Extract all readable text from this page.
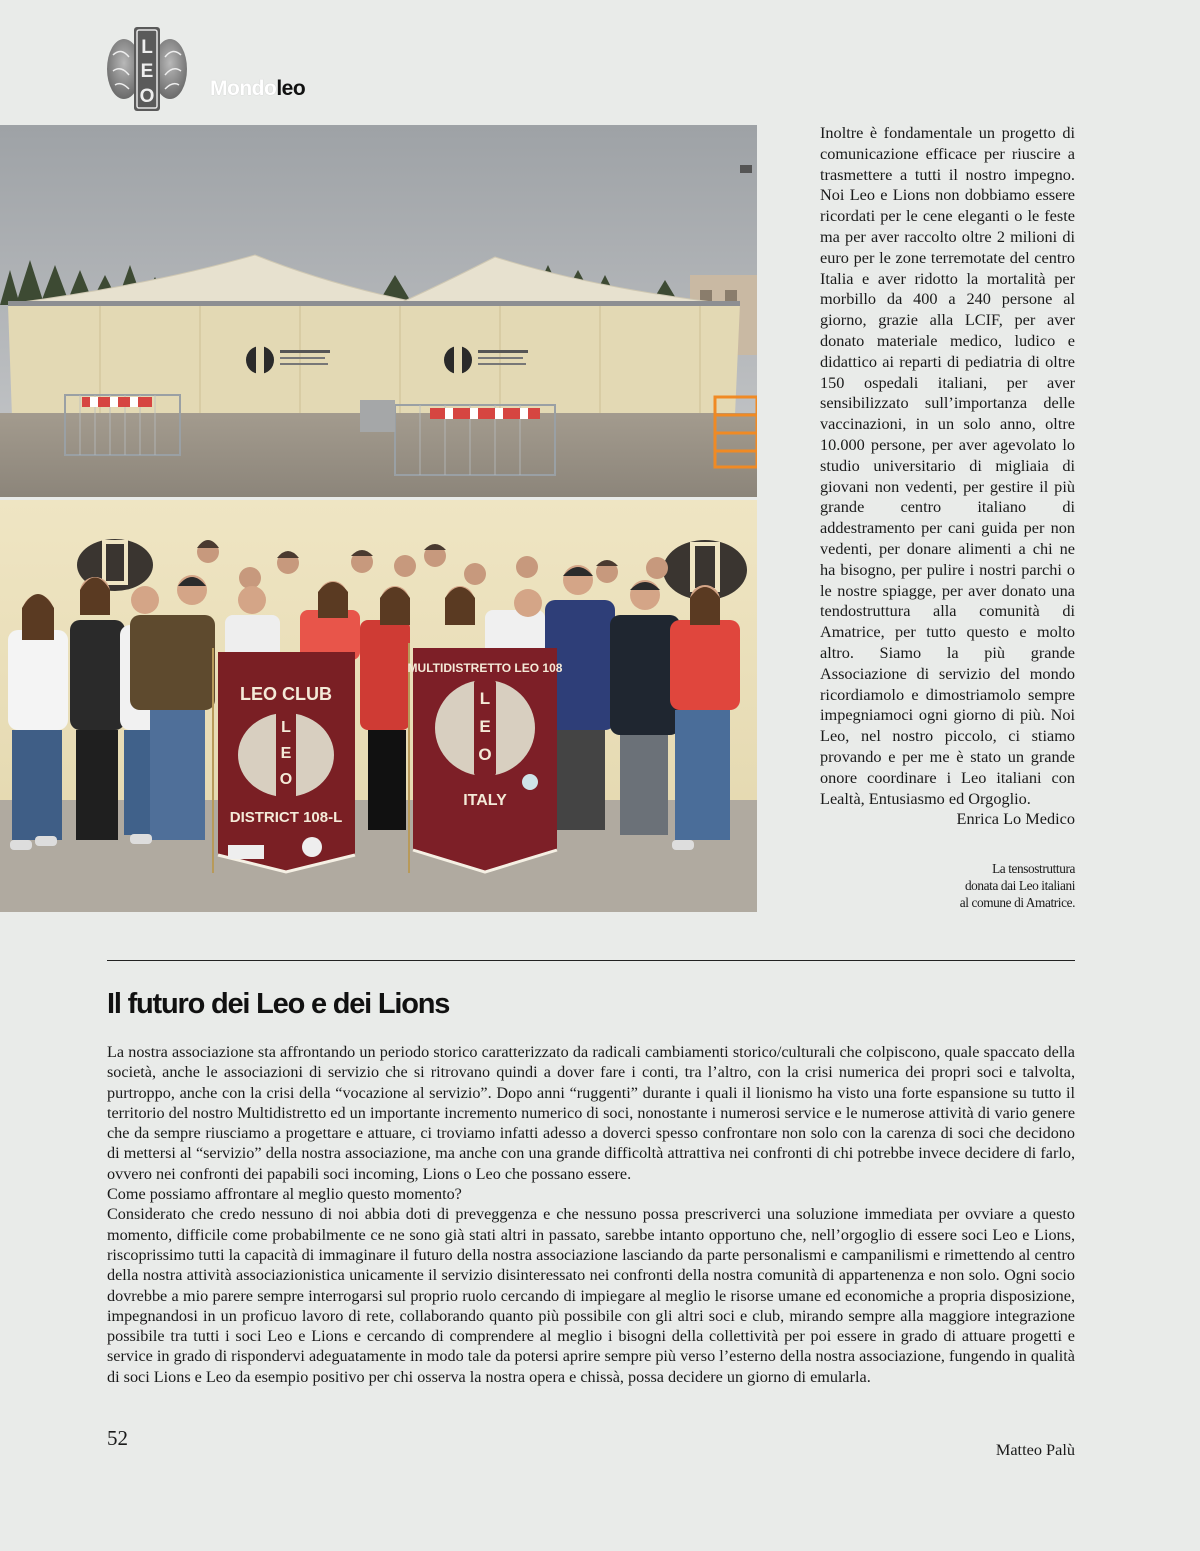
L
E
O	Mondoleo
LEO CLUB
L
E
O
DISTRICT 108-L
MULTIDISTRETTO LEO 108
L
E
O
ITALY
Inoltre è fondamentale un progetto di comunicazione efficace per riuscire a trasmettere a tutti il nostro impegno. Noi Leo e Lions non dobbiamo essere ricordati per le cene eleganti o le feste ma per aver raccolto oltre 2 milioni di euro per le zone terremotate del centro Italia e aver ridotto la mortalità per morbillo da 400 a 240 persone al giorno, grazie alla LCIF, per aver donato materiale medico, ludico e didattico ai reparti di pediatria di oltre 150 ospedali italiani, per aver sensibilizzato sull’importanza delle vaccinazioni, in un solo anno, oltre 10.000 persone, per aver agevolato lo studio universitario di migliaia di giovani non vedenti, per gestire il più grande centro italiano di addestramento per cani guida per non vedenti, per donare alimenti a chi ne ha bisogno, per pulire i nostri parchi o le nostre spiagge, per aver donato una tendostruttura alla comunità di Amatrice, per tutto questo e molto altro. Siamo la più grande Associazione di servizio del mondo ricordiamolo e dimostriamolo sempre impegniamoci ogni giorno di più. Noi Leo, nel nostro piccolo, ci stiamo provando e per me è stato un grande onore coordinare i Leo italiani con Lealtà, Entusiasmo ed Orgoglio.
Enrica Lo Medico
La tensostruttura
donata dai Leo italiani
al comune di Amatrice.
Il futuro dei Leo e dei Lions

La nostra associazione sta affrontando un periodo storico caratterizzato da radicali cambiamenti storico/culturali che colpiscono, quale spaccato della società, anche le associazioni di servizio che si ritrovano quindi a dover fare i conti, tra l’altro, con la crisi numerica dei propri soci e talvolta, purtroppo, anche con la crisi della “vocazione al servizio”. Dopo anni “ruggenti” durante i quali il lionismo ha visto una forte espansione su tutto il territorio del nostro Multidistretto ed un importante incremento numerico di soci, nonostante i numerosi service e le numerose attività di vario genere che da sempre riusciamo a progettare e attuare, ci troviamo infatti adesso a doverci spesso confrontare non solo con la carenza di soci che decidono di mettersi al “servizio” della nostra associazione, ma anche con una grande difficoltà attrattiva nei confronti di chi potrebbe invece decidere di farlo, ovvero nei confronti dei papabili soci incoming, Lions o Leo che possano essere.

Come possiamo affrontare al meglio questo momento?

Considerato che credo nessuno di noi abbia doti di preveggenza e che nessuno possa prescriverci una soluzione immediata per ovviare a questo momento, difficile come probabilmente ce ne sono già stati altri in passato, sarebbe intanto opportuno che, nell’orgoglio di essere soci Leo e Lions, riscoprissimo tutti la capacità di immaginare il futuro della nostra associazione lasciando da parte personalismi e campanilismi e rimettendo al centro della nostra attività associazionistica unicamente il servizio disinteressato nei confronti della nostra comunità di appartenenza e non solo. Ogni socio dovrebbe a mio parere sempre interrogarsi sul proprio ruolo cercando di impiegare al meglio le risorse umane ed economiche a propria disposizione, impegnandosi in un proficuo lavoro di rete, collaborando quanto più possibile con gli altri soci e club, mirando sempre alla maggiore integrazione possibile tra tutti i soci Leo e Lions e cercando di comprendere al meglio i bisogni della collettività per poi essere in grado di attuare progetti e service in grado di rispondervi adeguatamente in modo tale da potersi aprire sempre più verso l’esterno della nostra associazione, fungendo in qualità di soci Lions e Leo da esempio positivo per chi osserva la nostra opera e chissà, possa decidere un giorno di emularla.

Matteo Palù
52
